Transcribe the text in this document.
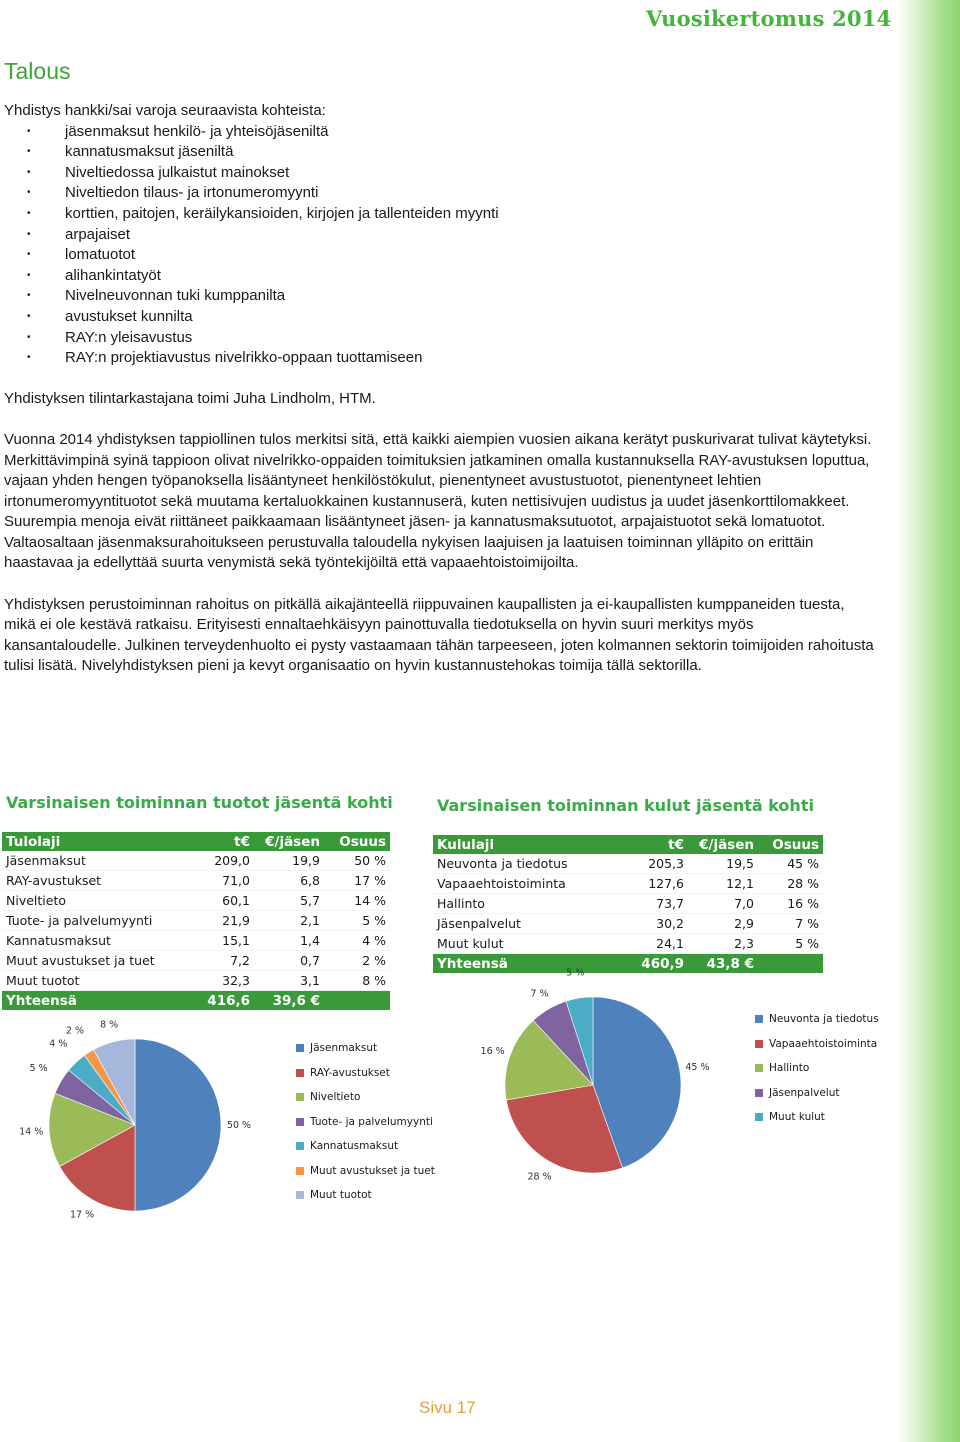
Vuosikertomus 2014
Talous

Yhdistys hankki/sai varoja seuraavista kohteista:

• jäsenmaksut henkilö- ja yhteisöjäseniltä
• kannatusmaksut jäseniltä
• Niveltiedossa julkaistut mainokset
• Niveltiedon tilaus- ja irtonumeromyynti
• korttien, paitojen, keräilykansioiden, kirjojen ja tallenteiden myynti
• arpajaiset
• lomatuotot
• alihankintatyöt
• Nivelneuvonnan tuki kumppanilta
• avustukset kunnilta
• RAY:n yleisavustus
• RAY:n projektiavustus nivelrikko-oppaan tuottamiseen

Yhdistyksen tilintarkastajana toimi Juha Lindholm, HTM.

Vuonna 2014 yhdistyksen tappiollinen tulos merkitsi sitä, että kaikki aiempien vuosien aikana kerätyt puskurivarat tulivat käytetyksi. Merkittävimpinä syinä tappioon olivat nivelrikko-oppaiden toimituksien jatkaminen omalla kustannuksella RAY-avustuksen loputtua, vajaan yhden hengen työpanoksella lisääntyneet henkilöstökulut, pienentyneet avustustuotot, pienentyneet lehtien irtonumeromyyntituotot sekä muutama kertaluokkainen kustannuserä, kuten nettisivujen uudistus ja uudet jäsenkorttilomakkeet. Suurempia menoja eivät riittäneet paikkaamaan lisääntyneet jäsen- ja kannatusmaksutuotot, arpajaistuotot sekä lomatuotot. Valtaosaltaan jäsenmaksurahoitukseen perustuvalla taloudella nykyisen laajuisen ja laatuisen toiminnan ylläpito on erittäin haastavaa ja edellyttää suurta venymistä sekä työntekijöiltä että vapaaehtoistoimijoilta.

Yhdistyksen perustoiminnan rahoitus on pitkällä aikajänteellä riippuvainen kaupallisten ja ei-kaupallisten kumppaneiden tuesta, mikä ei ole kestävä ratkaisu. Erityisesti ennaltaehkäisyyn painottuvalla tiedotuksella on hyvin suuri merkitys myös kansantaloudelle. Julkinen terveydenhuolto ei pysty vastaamaan tähän tarpeeseen, joten kolmannen sektorin toimijoiden rahoitusta tulisi lisätä. Nivelyhdistyksen pieni ja kevyt organisaatio on hyvin kustannustehokas toimija tällä sektorilla.

Varsinaisen toiminnan tuotot jäsentä kohti
Tulolaji	t€	€/jäsen	Osuus
Jäsenmaksut	209,0	19,9	50 %
RAY-avustukset	71,0	6,8	17 %
Niveltieto	60,1	5,7	14 %
Tuote- ja palvelumyynti	21,9	2,1	5 %
Kannatusmaksut	15,1	1,4	4 %
Muut avustukset ja tuet	7,2	0,7	2 %
Muut tuotot	32,3	3,1	8 %
Yhteensä	416,6	39,6 €	
Varsinaisen toiminnan kulut jäsentä kohti
Kululaji	t€	€/jäsen	Osuus
Neuvonta ja tiedotus	205,3	19,5	45 %
Vapaaehtoistoiminta	127,6	12,1	28 %
Hallinto	73,7	7,0	16 %
Jäsenpalvelut	30,2	2,9	7 %
Muut kulut	24,1	2,3	5 %
Yhteensä	460,9	43,8 €	
50 %
17 %
14 %
5 %
4 %
2 %
8 %
Jäsenmaksut
RAY-avustukset
Niveltieto
Tuote- ja palvelumyynti
Kannatusmaksut
Muut avustukset ja tuet
Muut tuotot
45 %
28 %
16 %
7 %
5 %
Neuvonta ja tiedotus
Vapaaehtoistoiminta
Hallinto
Jäsenpalvelut
Muut kulut
Sivu 17
